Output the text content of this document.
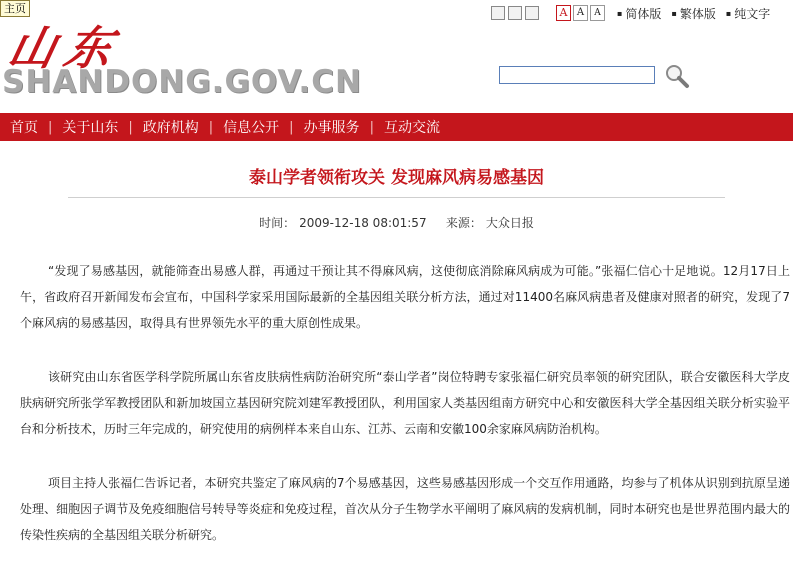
主页
山东
SHANDONG.GOV.CN
A A	A	▪ 简体版	▪ 繁体版	▪ 纯文字
首页 | 关于山东 | 政府机构 | 信息公开 | 办事服务 | 互动交流
泰山学者领衔攻关 发现麻风病易感基因
时间： 2009-12-18 08:01:57 来源： 大众日报

“发现了易感基因，就能筛查出易感人群，再通过干预让其不得麻风病，这使彻底消除麻风病成为可能。”张福仁信心十足地说。12月17日上午，省政府召开新闻发布会宣布，中国科学家采用国际最新的全基因组关联分析方法，通过对11400名麻风病患者及健康对照者的研究，发现了7个麻风病的易感基因，取得具有世界领先水平的重大原创性成果。

该研究由山东省医学科学院所属山东省皮肤病性病防治研究所“泰山学者”岗位特聘专家张福仁研究员率领的研究团队，联合安徽医科大学皮肤病研究所张学军教授团队和新加坡国立基因研究院刘建军教授团队，利用国家人类基因组南方研究中心和安徽医科大学全基因组关联分析实验平台和分析技术，历时三年完成的，研究使用的病例样本来自山东、江苏、云南和安徽100余家麻风病防治机构。

项目主持人张福仁告诉记者，本研究共鉴定了麻风病的7个易感基因，这些易感基因形成一个交互作用通路，均参与了机体从识别到抗原呈递处理、细胞因子调节及免疫细胞信号转导等炎症和免疫过程，首次从分子生物学水平阐明了麻风病的发病机制，同时本研究也是世界范围内最大的传染性疾病的全基因组关联分析研究。
